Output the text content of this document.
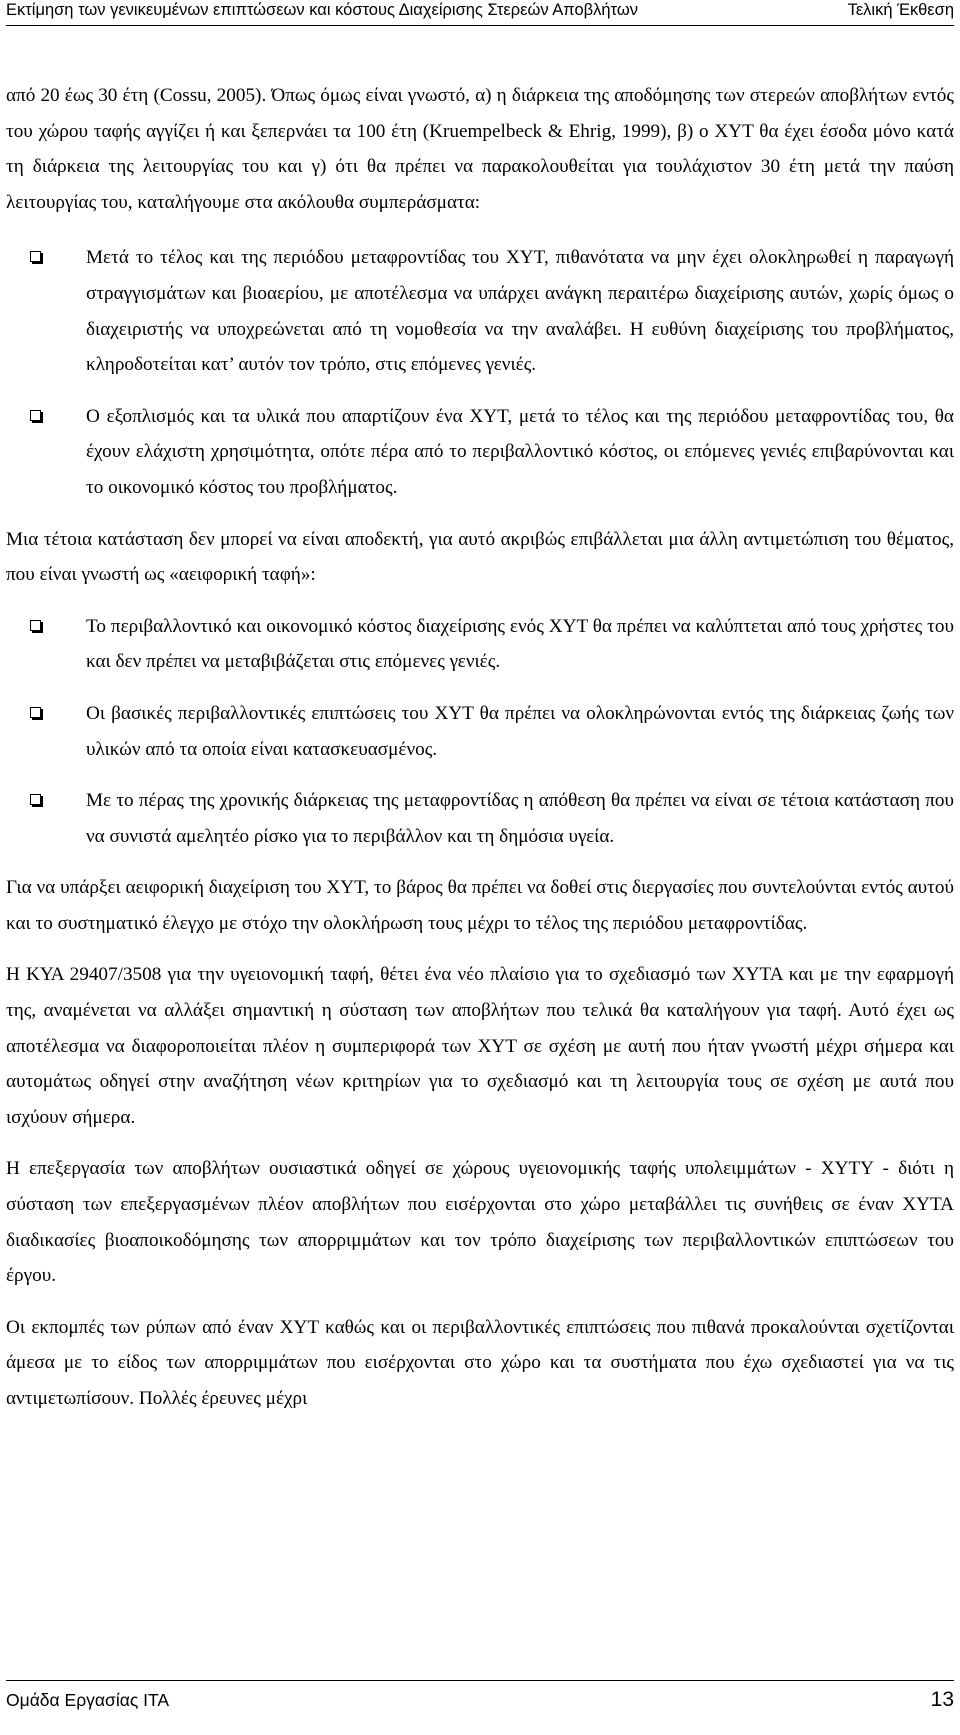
Εκτίμηση των γενικευμένων επιπτώσεων και κόστους Διαχείρισης Στερεών Αποβλήτων	Τελική Έκθεση

από 20 έως 30 έτη (Cossu, 2005). Όπως όμως είναι γνωστό, α) η διάρκεια της αποδόμησης των στερεών αποβλήτων εντός του χώρου ταφής αγγίζει ή και ξεπερνάει τα 100 έτη (Kruempelbeck & Ehrig, 1999), β) ο ΧΥΤ θα έχει έσοδα μόνο κατά τη διάρκεια της λειτουργίας του και γ) ότι θα πρέπει να παρακολουθείται για τουλάχιστον 30 έτη μετά την παύση λειτουργίας του, καταλήγουμε στα ακόλουθα συμπεράσματα:

Μετά το τέλος και της περιόδου μεταφροντίδας του ΧΥΤ, πιθανότατα να μην έχει ολοκληρωθεί η παραγωγή στραγγισμάτων και βιοαερίου, με αποτέλεσμα να υπάρχει ανάγκη περαιτέρω διαχείρισης αυτών, χωρίς όμως ο διαχειριστής να υποχρεώνεται από τη νομοθεσία να την αναλάβει. Η ευθύνη διαχείρισης του προβλήματος, κληροδοτείται κατ’ αυτόν τον τρόπο, στις επόμενες γενιές.
Ο εξοπλισμός και τα υλικά που απαρτίζουν ένα ΧΥΤ, μετά το τέλος και της περιόδου μεταφροντίδας του, θα έχουν ελάχιστη χρησιμότητα, οπότε πέρα από το περιβαλλοντικό κόστος, οι επόμενες γενιές επιβαρύνονται και το οικονομικό κόστος του προβλήματος.

Μια τέτοια κατάσταση δεν μπορεί να είναι αποδεκτή, για αυτό ακριβώς επιβάλλεται μια άλλη αντιμετώπιση του θέματος, που είναι γνωστή ως «αειφορική ταφή»:

Το περιβαλλοντικό και οικονομικό κόστος διαχείρισης ενός ΧΥΤ θα πρέπει να καλύπτεται από τους χρήστες του και δεν πρέπει να μεταβιβάζεται στις επόμενες γενιές.
Οι βασικές περιβαλλοντικές επιπτώσεις του ΧΥΤ θα πρέπει να ολοκληρώνονται εντός της διάρκειας ζωής των υλικών από τα οποία είναι κατασκευασμένος.
Με το πέρας της χρονικής διάρκειας της μεταφροντίδας η απόθεση θα πρέπει να είναι σε τέτοια κατάσταση που να συνιστά αμελητέο ρίσκο για το περιβάλλον και τη δημόσια υγεία.

Για να υπάρξει αειφορική διαχείριση του ΧΥΤ, το βάρος θα πρέπει να δοθεί στις διεργασίες που συντελούνται εντός αυτού και το συστηματικό έλεγχο με στόχο την ολοκλήρωση τους μέχρι το τέλος της περιόδου μεταφροντίδας.

Η ΚΥΑ 29407/3508 για την υγειονομική ταφή, θέτει ένα νέο πλαίσιο για το σχεδιασμό των ΧΥΤΑ και με την εφαρμογή της, αναμένεται να αλλάξει σημαντική η σύσταση των αποβλήτων που τελικά θα καταλήγουν για ταφή. Αυτό έχει ως αποτέλεσμα να διαφοροποιείται πλέον η συμπεριφορά των ΧΥΤ σε σχέση με αυτή που ήταν γνωστή μέχρι σήμερα και αυτομάτως οδηγεί στην αναζήτηση νέων κριτηρίων για το σχεδιασμό και τη λειτουργία τους σε σχέση με αυτά που ισχύουν σήμερα.

Η επεξεργασία των αποβλήτων ουσιαστικά οδηγεί σε χώρους υγειονομικής ταφής υπολειμμάτων - ΧΥΤΥ - διότι η σύσταση των επεξεργασμένων πλέον αποβλήτων που εισέρχονται στο χώρο μεταβάλλει τις συνήθεις σε έναν ΧΥΤΑ διαδικασίες βιοαποικοδόμησης των απορριμμάτων και τον τρόπο διαχείρισης των περιβαλλοντικών επιπτώσεων του έργου.

Οι εκπομπές των ρύπων από έναν ΧΥΤ καθώς και οι περιβαλλοντικές επιπτώσεις που πιθανά προκαλούνται σχετίζονται άμεσα με το είδος των απορριμμάτων που εισέρχονται στο χώρο και τα συστήματα που έχω σχεδιαστεί για να τις αντιμετωπίσουν. Πολλές έρευνες μέχρι

Ομάδα Εργασίας ΙΤΑ	13
